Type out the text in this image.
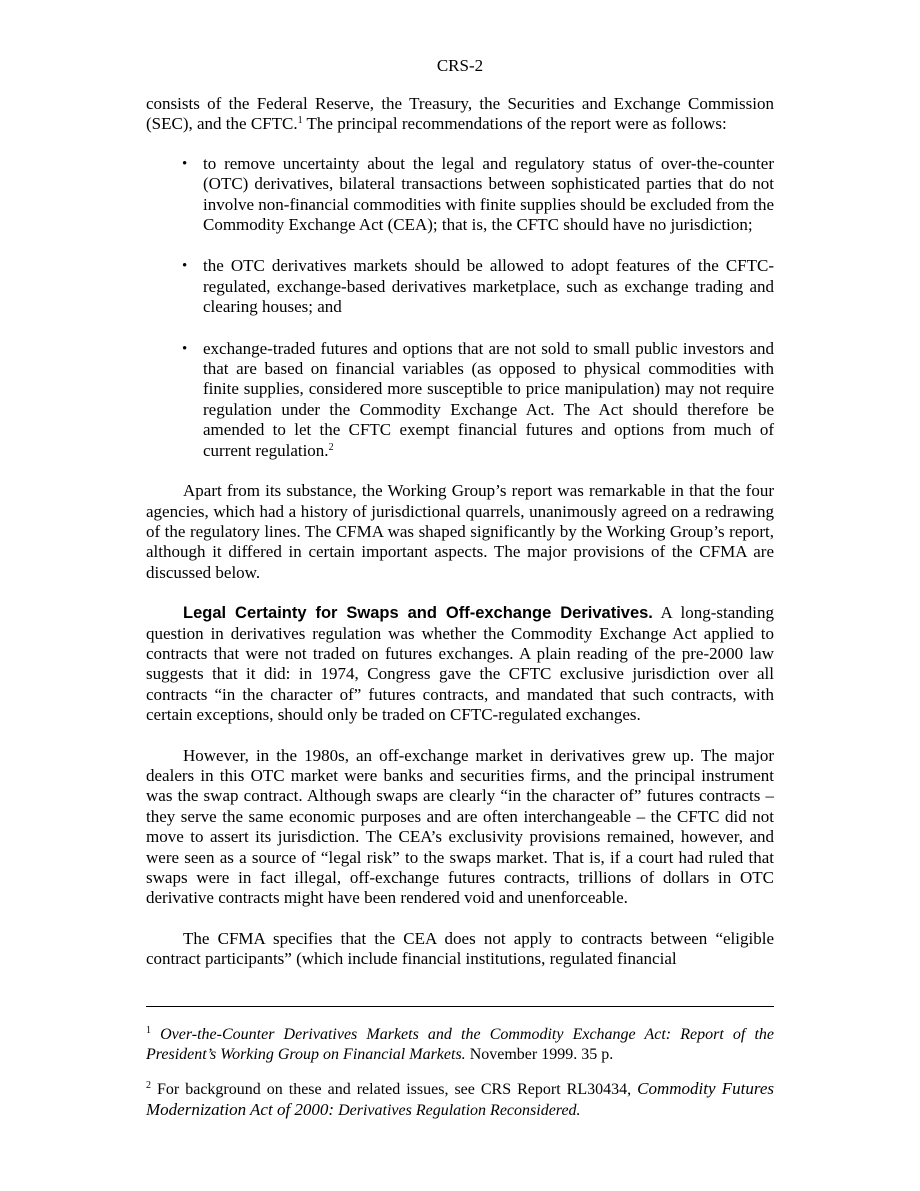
CRS-2

consists of the Federal Reserve, the Treasury, the Securities and Exchange Commission (SEC), and the CFTC.$^1$ The principal recommendations of the report were as follows:

• to remove uncertainty about the legal and regulatory status of over-the-counter (OTC) derivatives, bilateral transactions between sophisticated parties that do not involve non-financial commodities with finite supplies should be excluded from the Commodity Exchange Act (CEA); that is, the CFTC should have no jurisdiction;
• the OTC derivatives markets should be allowed to adopt features of the CFTC-regulated, exchange-based derivatives marketplace, such as exchange trading and clearing houses; and
• exchange-traded futures and options that are not sold to small public investors and that are based on financial variables (as opposed to physical commodities with finite supplies, considered more susceptible to price manipulation) may not require regulation under the Commodity Exchange Act. The Act should therefore be amended to let the CFTC exempt financial futures and options from much of current regulation.$^2$

Apart from its substance, the Working Group’s report was remarkable in that the four agencies, which had a history of jurisdictional quarrels, unanimously agreed on a redrawing of the regulatory lines. The CFMA was shaped significantly by the Working Group’s report, although it differed in certain important aspects. The major provisions of the CFMA are discussed below.

Legal Certainty for Swaps and Off-exchange Derivatives. A long-standing question in derivatives regulation was whether the Commodity Exchange Act applied to contracts that were not traded on futures exchanges. A plain reading of the pre-2000 law suggests that it did: in 1974, Congress gave the CFTC exclusive jurisdiction over all contracts “in the character of” futures contracts, and mandated that such contracts, with certain exceptions, should only be traded on CFTC-regulated exchanges.

However, in the 1980s, an off-exchange market in derivatives grew up. The major dealers in this OTC market were banks and securities firms, and the principal instrument was the swap contract. Although swaps are clearly “in the character of” futures contracts – they serve the same economic purposes and are often interchangeable – the CFTC did not move to assert its jurisdiction. The CEA’s exclusivity provisions remained, however, and were seen as a source of “legal risk” to the swaps market. That is, if a court had ruled that swaps were in fact illegal, off-exchange futures contracts, trillions of dollars in OTC derivative contracts might have been rendered void and unenforceable.

The CFMA specifies that the CEA does not apply to contracts between “eligible contract participants” (which include financial institutions, regulated financial

$^1$ Over-the-Counter Derivatives Markets and the Commodity Exchange Act: Report of the President’s Working Group on Financial Markets. November 1999. 35 p.

$^2$ For background on these and related issues, see CRS Report RL30434, Commodity Futures Modernization Act of 2000: Derivatives Regulation Reconsidered.
